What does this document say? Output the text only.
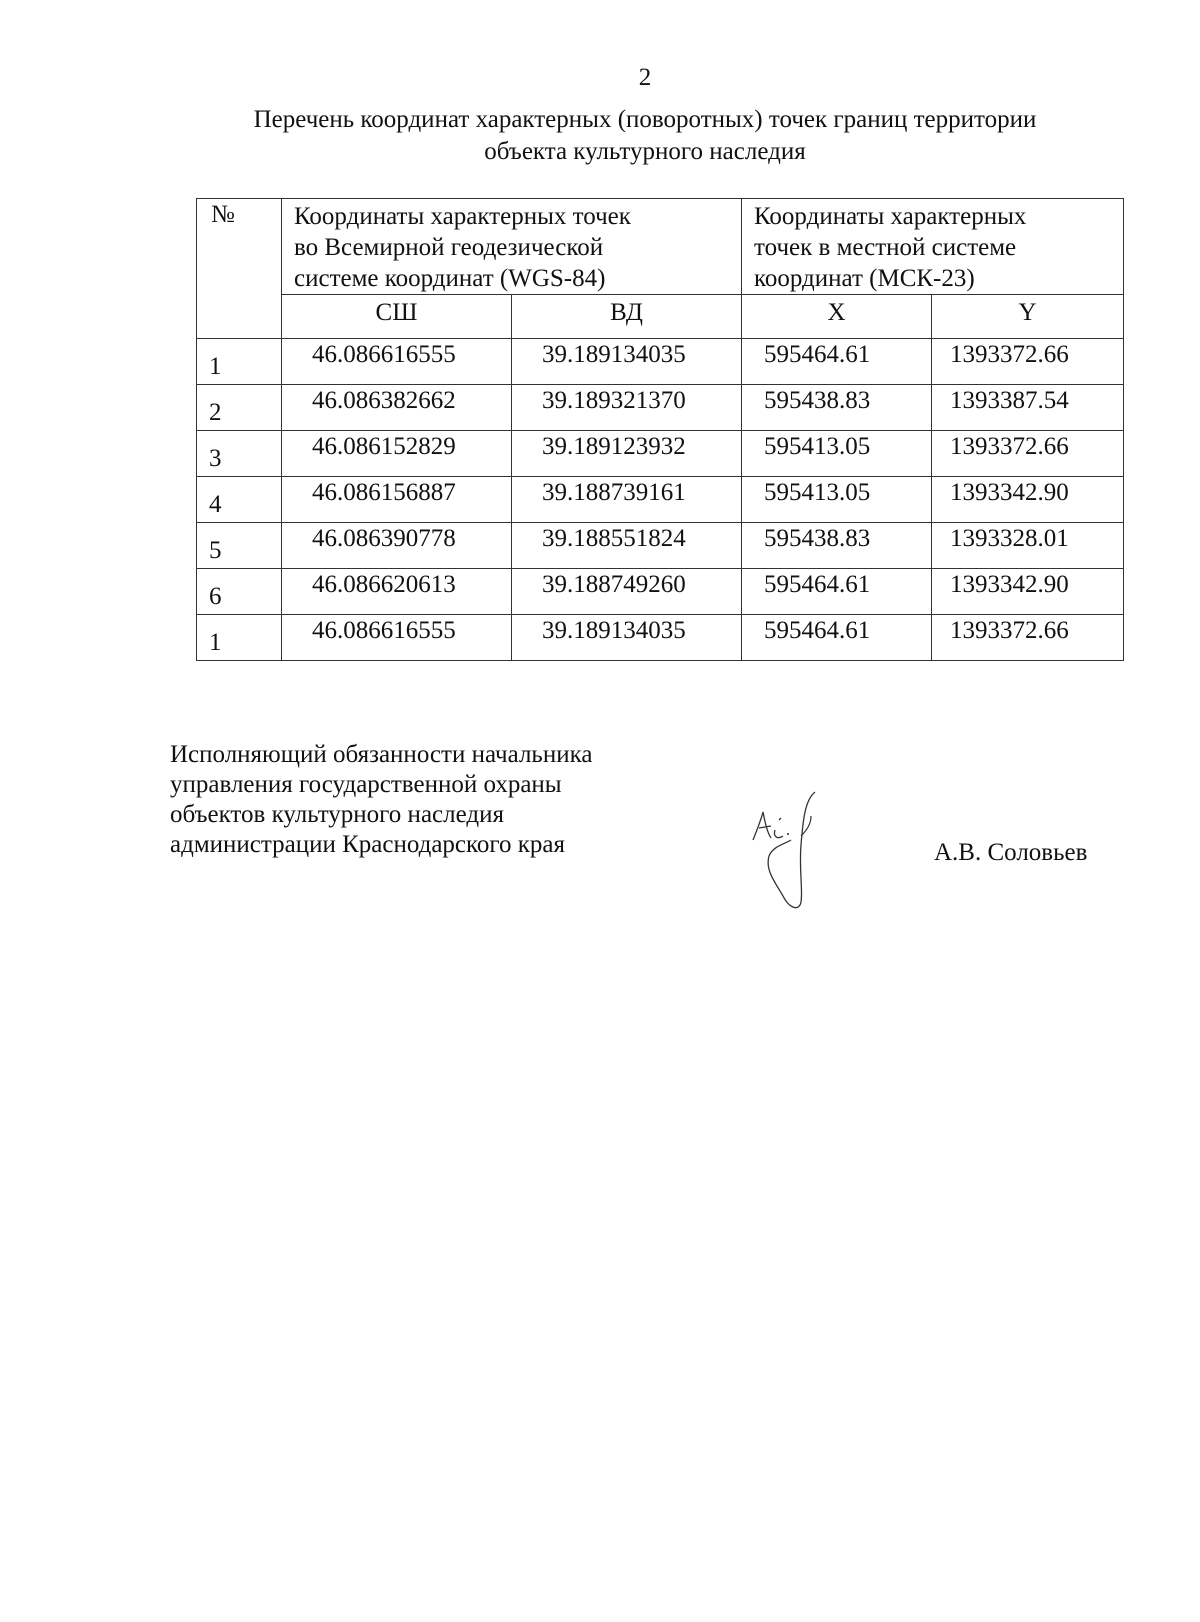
2
Перечень координат характерных (поворотных) точек границ территории
объекта культурного наследия
№	Координаты характерных точек
во Всемирной геодезической
системе координат (WGS-84)		Координаты характерных
точек в местной системе
координат (МСК-23)	

	СШ	ВД	X	Y
1	46.086616555	39.189134035	595464.61	1393372.66
2	46.086382662	39.189321370	595438.83	1393387.54
3	46.086152829	39.189123932	595413.05	1393372.66
4	46.086156887	39.188739161	595413.05	1393342.90
5	46.086390778	39.188551824	595438.83	1393328.01
6	46.086620613	39.188749260	595464.61	1393342.90
1	46.086616555	39.189134035	595464.61	1393372.66
Исполняющий обязанности начальника
управления государственной охраны
объектов культурного наследия
администрации Краснодарского края	А.В. Соловьев
